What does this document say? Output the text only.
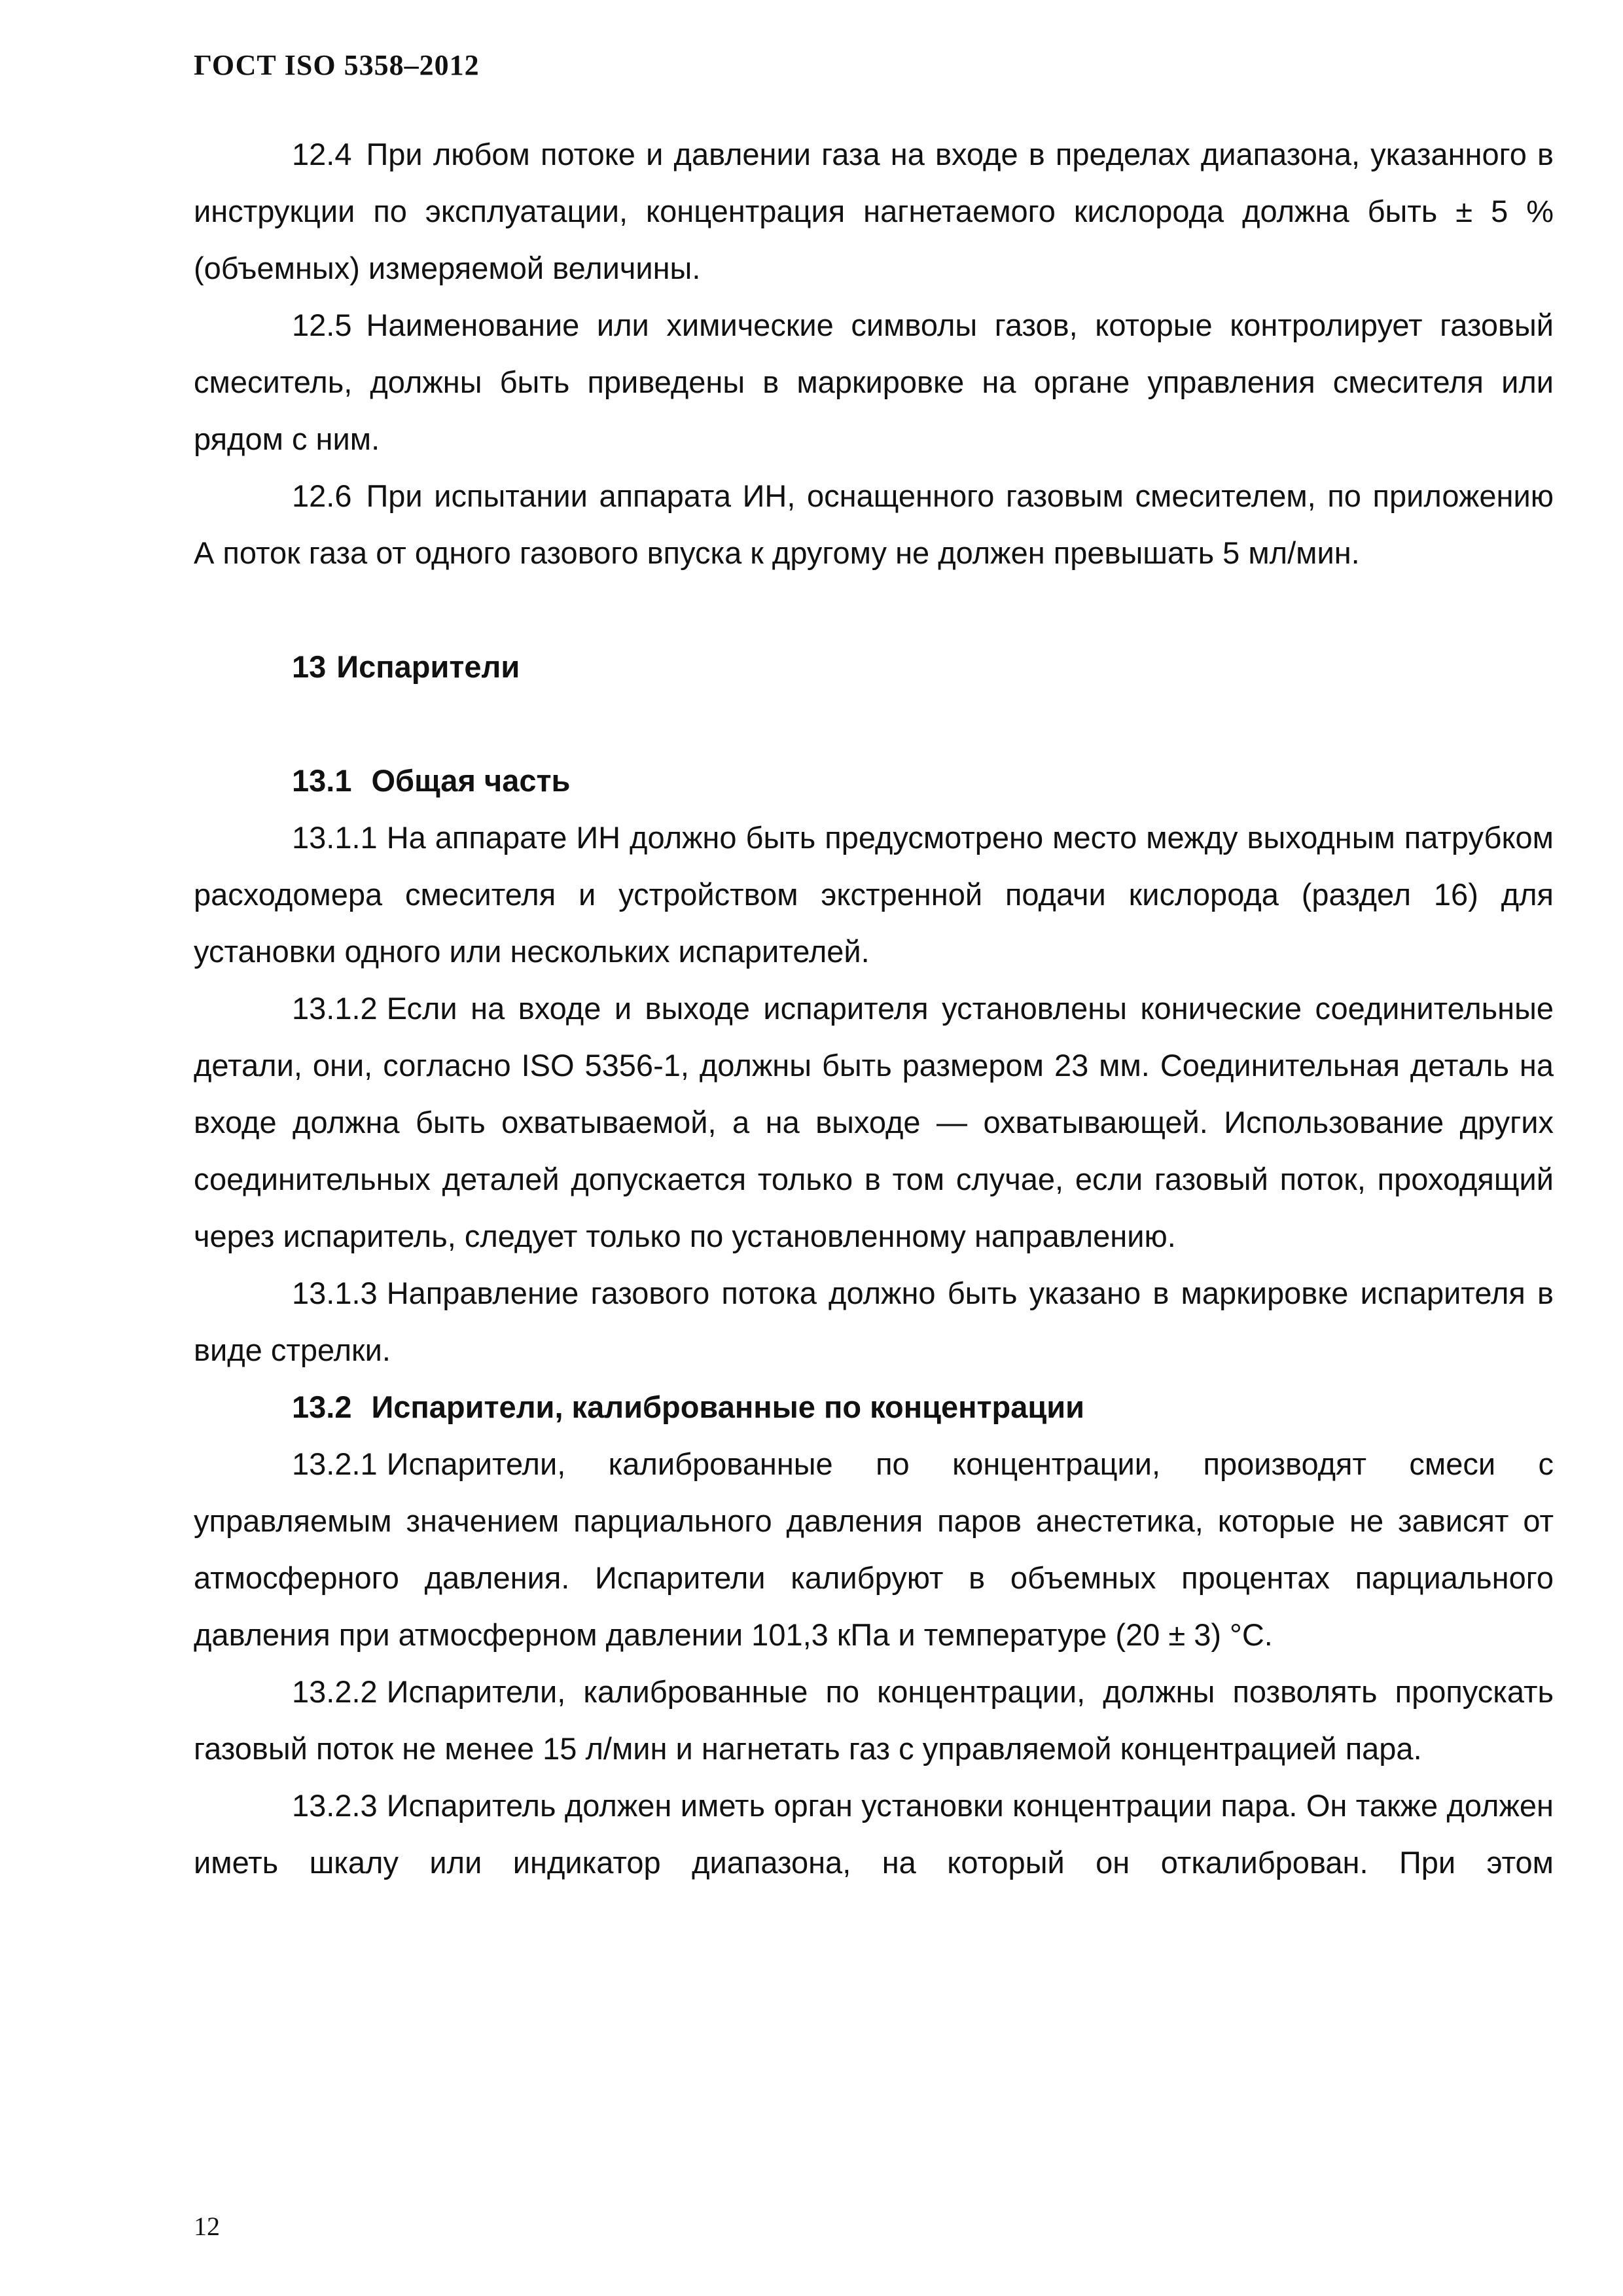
ГОСТ ISO 5358–2012

12.4 При любом потоке и давлении газа на входе в пределах диапазона, указанного в инструкции по эксплуатации, концентрация нагнетаемого кислорода должна быть ± 5 % (объемных) измеряемой величины.

12.5 Наименование или химические символы газов, которые контролирует газовый смеситель, должны быть приведены в маркировке на органе управления смесителя или рядом с ним.

12.6 При испытании аппарата ИН, оснащенного газовым смесителем, по приложению А поток газа от одного газового впуска к другому не должен превышать 5 мл/мин.

13 Испарители

13.1 Общая часть

13.1.1 На аппарате ИН должно быть предусмотрено место между выходным патрубком расходомера смесителя и устройством экстренной подачи кислорода (раздел 16) для установки одного или нескольких испарителей.

13.1.2 Если на входе и выходе испарителя установлены конические соединительные детали, они, согласно ISO 5356-1, должны быть размером 23 мм. Соединительная деталь на входе должна быть охватываемой, а на выходе — охватывающей. Использование других соединительных деталей допускается только в том случае, если газовый поток, проходящий через испаритель, следует только по установленному направлению.

13.1.3 Направление газового потока должно быть указано в маркировке испарителя в виде стрелки.

13.2 Испарители, калиброванные по концентрации

13.2.1 Испарители, калиброванные по концентрации, производят смеси с управляемым значением парциального давления паров анестетика, которые не зависят от атмосферного давления. Испарители калибруют в объемных процентах парциального давления при атмосферном давлении 101,3 кПа и температуре (20 ± 3) °С.

13.2.2 Испарители, калиброванные по концентрации, должны позволять пропускать газовый поток не менее 15 л/мин и нагнетать газ с управляемой концентрацией пара.

13.2.3 Испаритель должен иметь орган установки концентрации пара. Он также должен иметь шкалу или индикатор диапазона, на который он откалиброван. При этом

12
